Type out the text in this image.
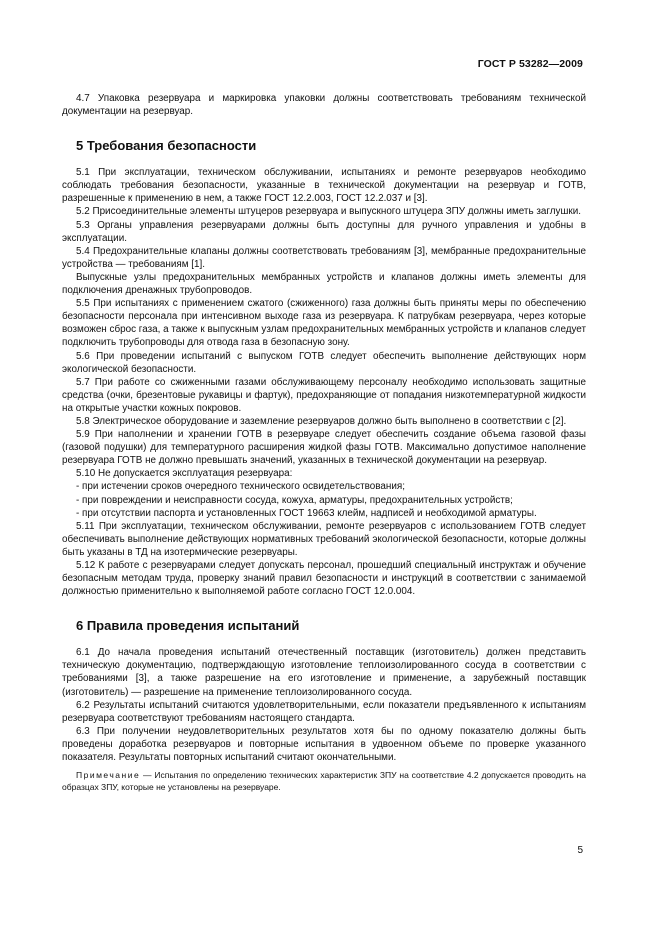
ГОСТ Р 53282—2009

4.7 Упаковка резервуара и маркировка упаковки должны соответствовать требованиям технической документации на резервуар.

5 Требования безопасности

5.1 При эксплуатации, техническом обслуживании, испытаниях и ремонте резервуаров необходимо соблюдать требования безопасности, указанные в технической документации на резервуар и ГОТВ, разрешенные к применению в нем, а также ГОСТ 12.2.003, ГОСТ 12.2.037 и [3].

5.2 Присоединительные элементы штуцеров резервуара и выпускного штуцера ЗПУ должны иметь заглушки.

5.3 Органы управления резервуарами должны быть доступны для ручного управления и удобны в эксплуатации.

5.4 Предохранительные клапаны должны соответствовать требованиям [3], мембранные предохранительные устройства — требованиям [1].

Выпускные узлы предохранительных мембранных устройств и клапанов должны иметь элементы для подключения дренажных трубопроводов.

5.5 При испытаниях с применением сжатого (сжиженного) газа должны быть приняты меры по обеспечению безопасности персонала при интенсивном выходе газа из резервуара. К патрубкам резервуара, через которые возможен сброс газа, а также к выпускным узлам предохранительных мембранных устройств и клапанов следует подключить трубопроводы для отвода газа в безопасную зону.

5.6 При проведении испытаний с выпуском ГОТВ следует обеспечить выполнение действующих норм экологической безопасности.

5.7 При работе со сжиженными газами обслуживающему персоналу необходимо использовать защитные средства (очки, брезентовые рукавицы и фартук), предохраняющие от попадания низкотемпературной жидкости на открытые участки кожных покровов.

5.8 Электрическое оборудование и заземление резервуаров должно быть выполнено в соответствии с [2].

5.9 При наполнении и хранении ГОТВ в резервуаре следует обеспечить создание объема газовой фазы (газовой подушки) для температурного расширения жидкой фазы ГОТВ. Максимально допустимое наполнение резервуара ГОТВ не должно превышать значений, указанных в технической документации на резервуар.

5.10 Не допускается эксплуатация резервуара:

- при истечении сроков очередного технического освидетельствования;

- при повреждении и неисправности сосуда, кожуха, арматуры, предохранительных устройств;

- при отсутствии паспорта и установленных ГОСТ 19663 клейм, надписей и необходимой арматуры.

5.11 При эксплуатации, техническом обслуживании, ремонте резервуаров с использованием ГОТВ следует обеспечивать выполнение действующих нормативных требований экологической безопасности, которые должны быть указаны в ТД на изотермические резервуары.

5.12 К работе с резервуарами следует допускать персонал, прошедший специальный инструктаж и обучение безопасным методам труда, проверку знаний правил безопасности и инструкций в соответствии с занимаемой должностью применительно к выполняемой работе согласно ГОСТ 12.0.004.

6 Правила проведения испытаний

6.1 До начала проведения испытаний отечественный поставщик (изготовитель) должен представить техническую документацию, подтверждающую изготовление теплоизолированного сосуда в соответствии с требованиями [3], а также разрешение на его изготовление и применение, а зарубежный поставщик (изготовитель) — разрешение на применение теплоизолированного сосуда.

6.2 Результаты испытаний считаются удовлетворительными, если показатели предъявленного к испытаниям резервуара соответствуют требованиям настоящего стандарта.

6.3 При получении неудовлетворительных результатов хотя бы по одному показателю должны быть проведены доработка резервуаров и повторные испытания в удвоенном объеме по проверке указанного показателя. Результаты повторных испытаний считают окончательными.

Примечание — Испытания по определению технических характеристик ЗПУ на соответствие 4.2 допускается проводить на образцах ЗПУ, которые не установлены на резервуаре.

5
